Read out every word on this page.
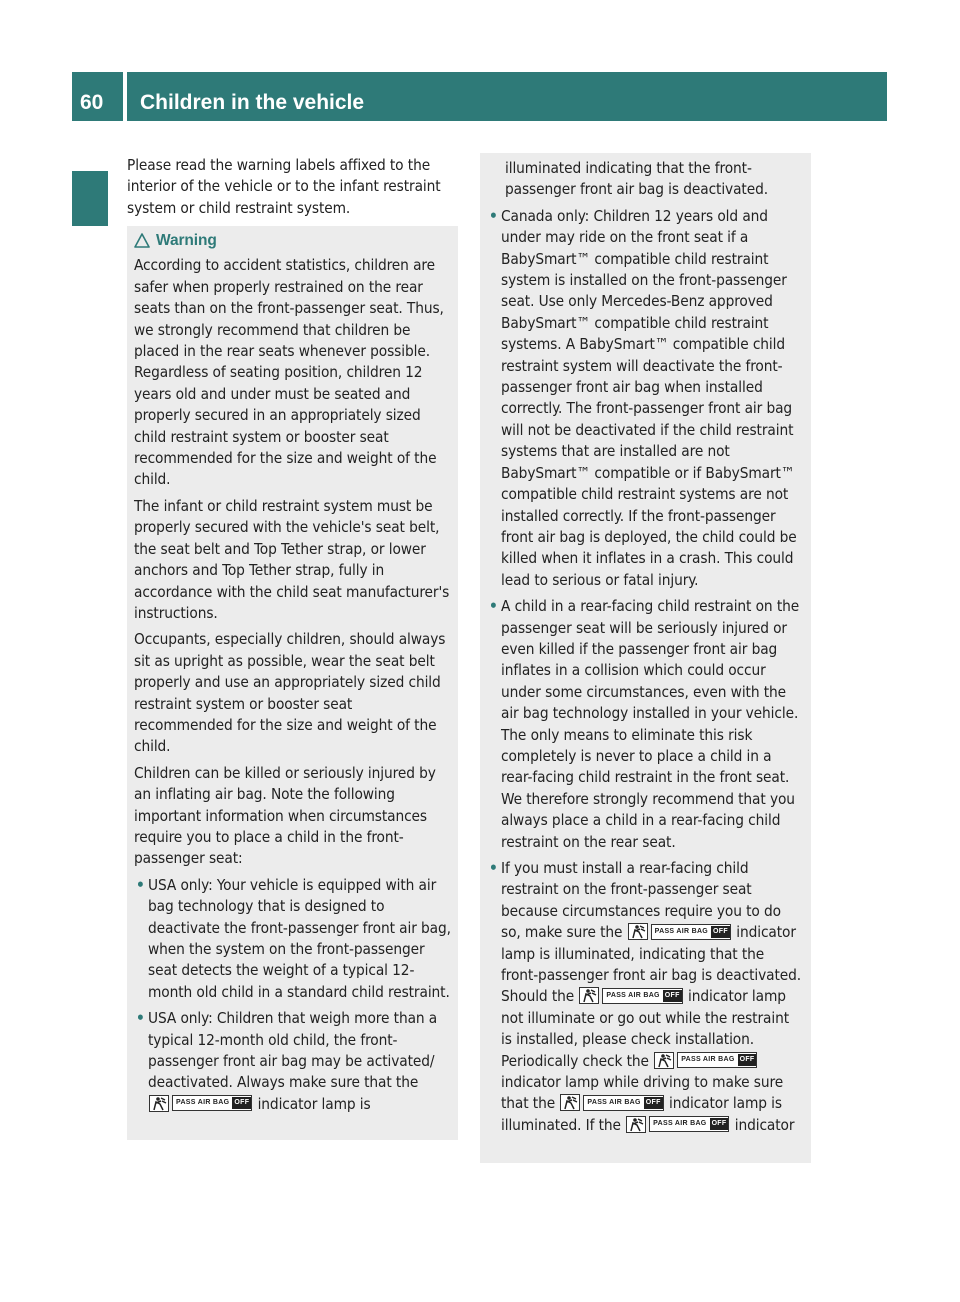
60 Children in the vehicle
Please read the warning labels affixed to the interior of the vehicle or to the infant restraint system or child restraint system.
Warning

According to accident statistics, children are safer when properly restrained on the rear seats than on the front-passenger seat. Thus, we strongly recommend that children be placed in the rear seats whenever possible. Regardless of seating position, children 12 years old and under must be seated and properly secured in an appropriately sized child restraint system or booster seat recommended for the size and weight of the child.

The infant or child restraint system must be properly secured with the vehicle's seat belt, the seat belt and Top Tether strap, or lower anchors and Top Tether strap, fully in accordance with the child seat manufacturer's instructions.

Occupants, especially children, should always sit as upright as possible, wear the seat belt properly and use an appropriately sized child restraint system or booster seat recommended for the size and weight of the child.

Children can be killed or seriously injured by an inflating air bag. Note the following important information when circumstances require you to place a child in the front-passenger seat:

• USA only: Your vehicle is equipped with air bag technology that is designed to deactivate the front-passenger front air bag, when the system on the front-passenger seat detects the weight of a typical 12-month old child in a standard child restraint.
• USA only: Children that weigh more than a typical 12-month old child, the front-passenger front air bag may be activated/ deactivated. Always make sure that the
PASS AIR BAG OFF indicator lamp is

illuminated indicating that the front-passenger front air bag is deactivated.

• Canada only: Children 12 years old and under may ride on the front seat if a BabySmart™ compatible child restraint system is installed on the front-passenger seat. Use only Mercedes-Benz approved BabySmart™ compatible child restraint systems. A BabySmart™ compatible child restraint system will deactivate the front-passenger front air bag when installed correctly. The front-passenger front air bag will not be deactivated if the child restraint systems that are installed are not BabySmart™ compatible or if BabySmart™ compatible child restraint systems are not installed correctly. If the front-passenger front air bag is deployed, the child could be killed when it inflates in a crash. This could lead to serious or fatal injury.
• A child in a rear-facing child restraint on the passenger seat will be seriously injured or even killed if the passenger front air bag inflates in a collision which could occur under some circumstances, even with the air bag technology installed in your vehicle. The only means to eliminate this risk completely is never to place a child in a rear-facing child restraint in the front seat. We therefore strongly recommend that you always place a child in a rear-facing child restraint on the rear seat.
• If you must install a rear-facing child restraint on the front-passenger seat because circumstances require you to do so, make sure the	PASS AIR BAG OFF indicator lamp is illuminated, indicating that the front-passenger front air bag is deactivated. Should the	PASS AIR BAG OFF indicator lamp not illuminate or go out while the restraint is installed, please check installation. Periodically check the	PASS AIR BAG OFF
indicator lamp while driving to make sure that the	PASS AIR BAG OFF indicator lamp is illuminated. If the	PASS AIR BAG OFF indicator
